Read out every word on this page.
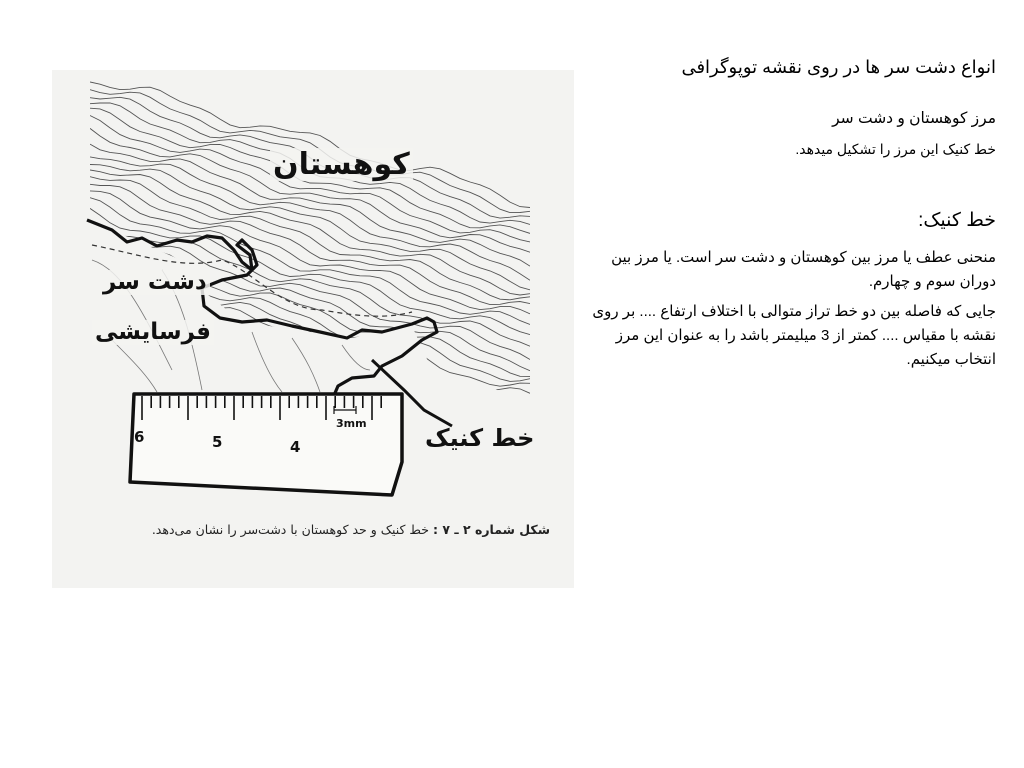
کوهستان
دشت سر
فرسایشی
خط کنیک
6	5	4
3mm
شکل شماره ۲ ـ ۷ : خط کنیک و حد کوهستان با دشت‌سر را نشان می‌دهد.
انواع دشت سر ها در روی نقشه توپوگرافی
مرز کوهستان و دشت سر
خط کنیک این مرز را تشکیل میدهد.
خط کنیک:
منحنی عطف یا مرز بین کوهستان و دشت سر است. یا مرز بین دوران سوم و چهارم.
جایی که فاصله بین دو خط تراز متوالی با اختلاف ارتفاع .... بر روی نقشه با مقیاس .... کمتر از 3 میلیمتر باشد را به عنوان این مرز انتخاب میکنیم.
